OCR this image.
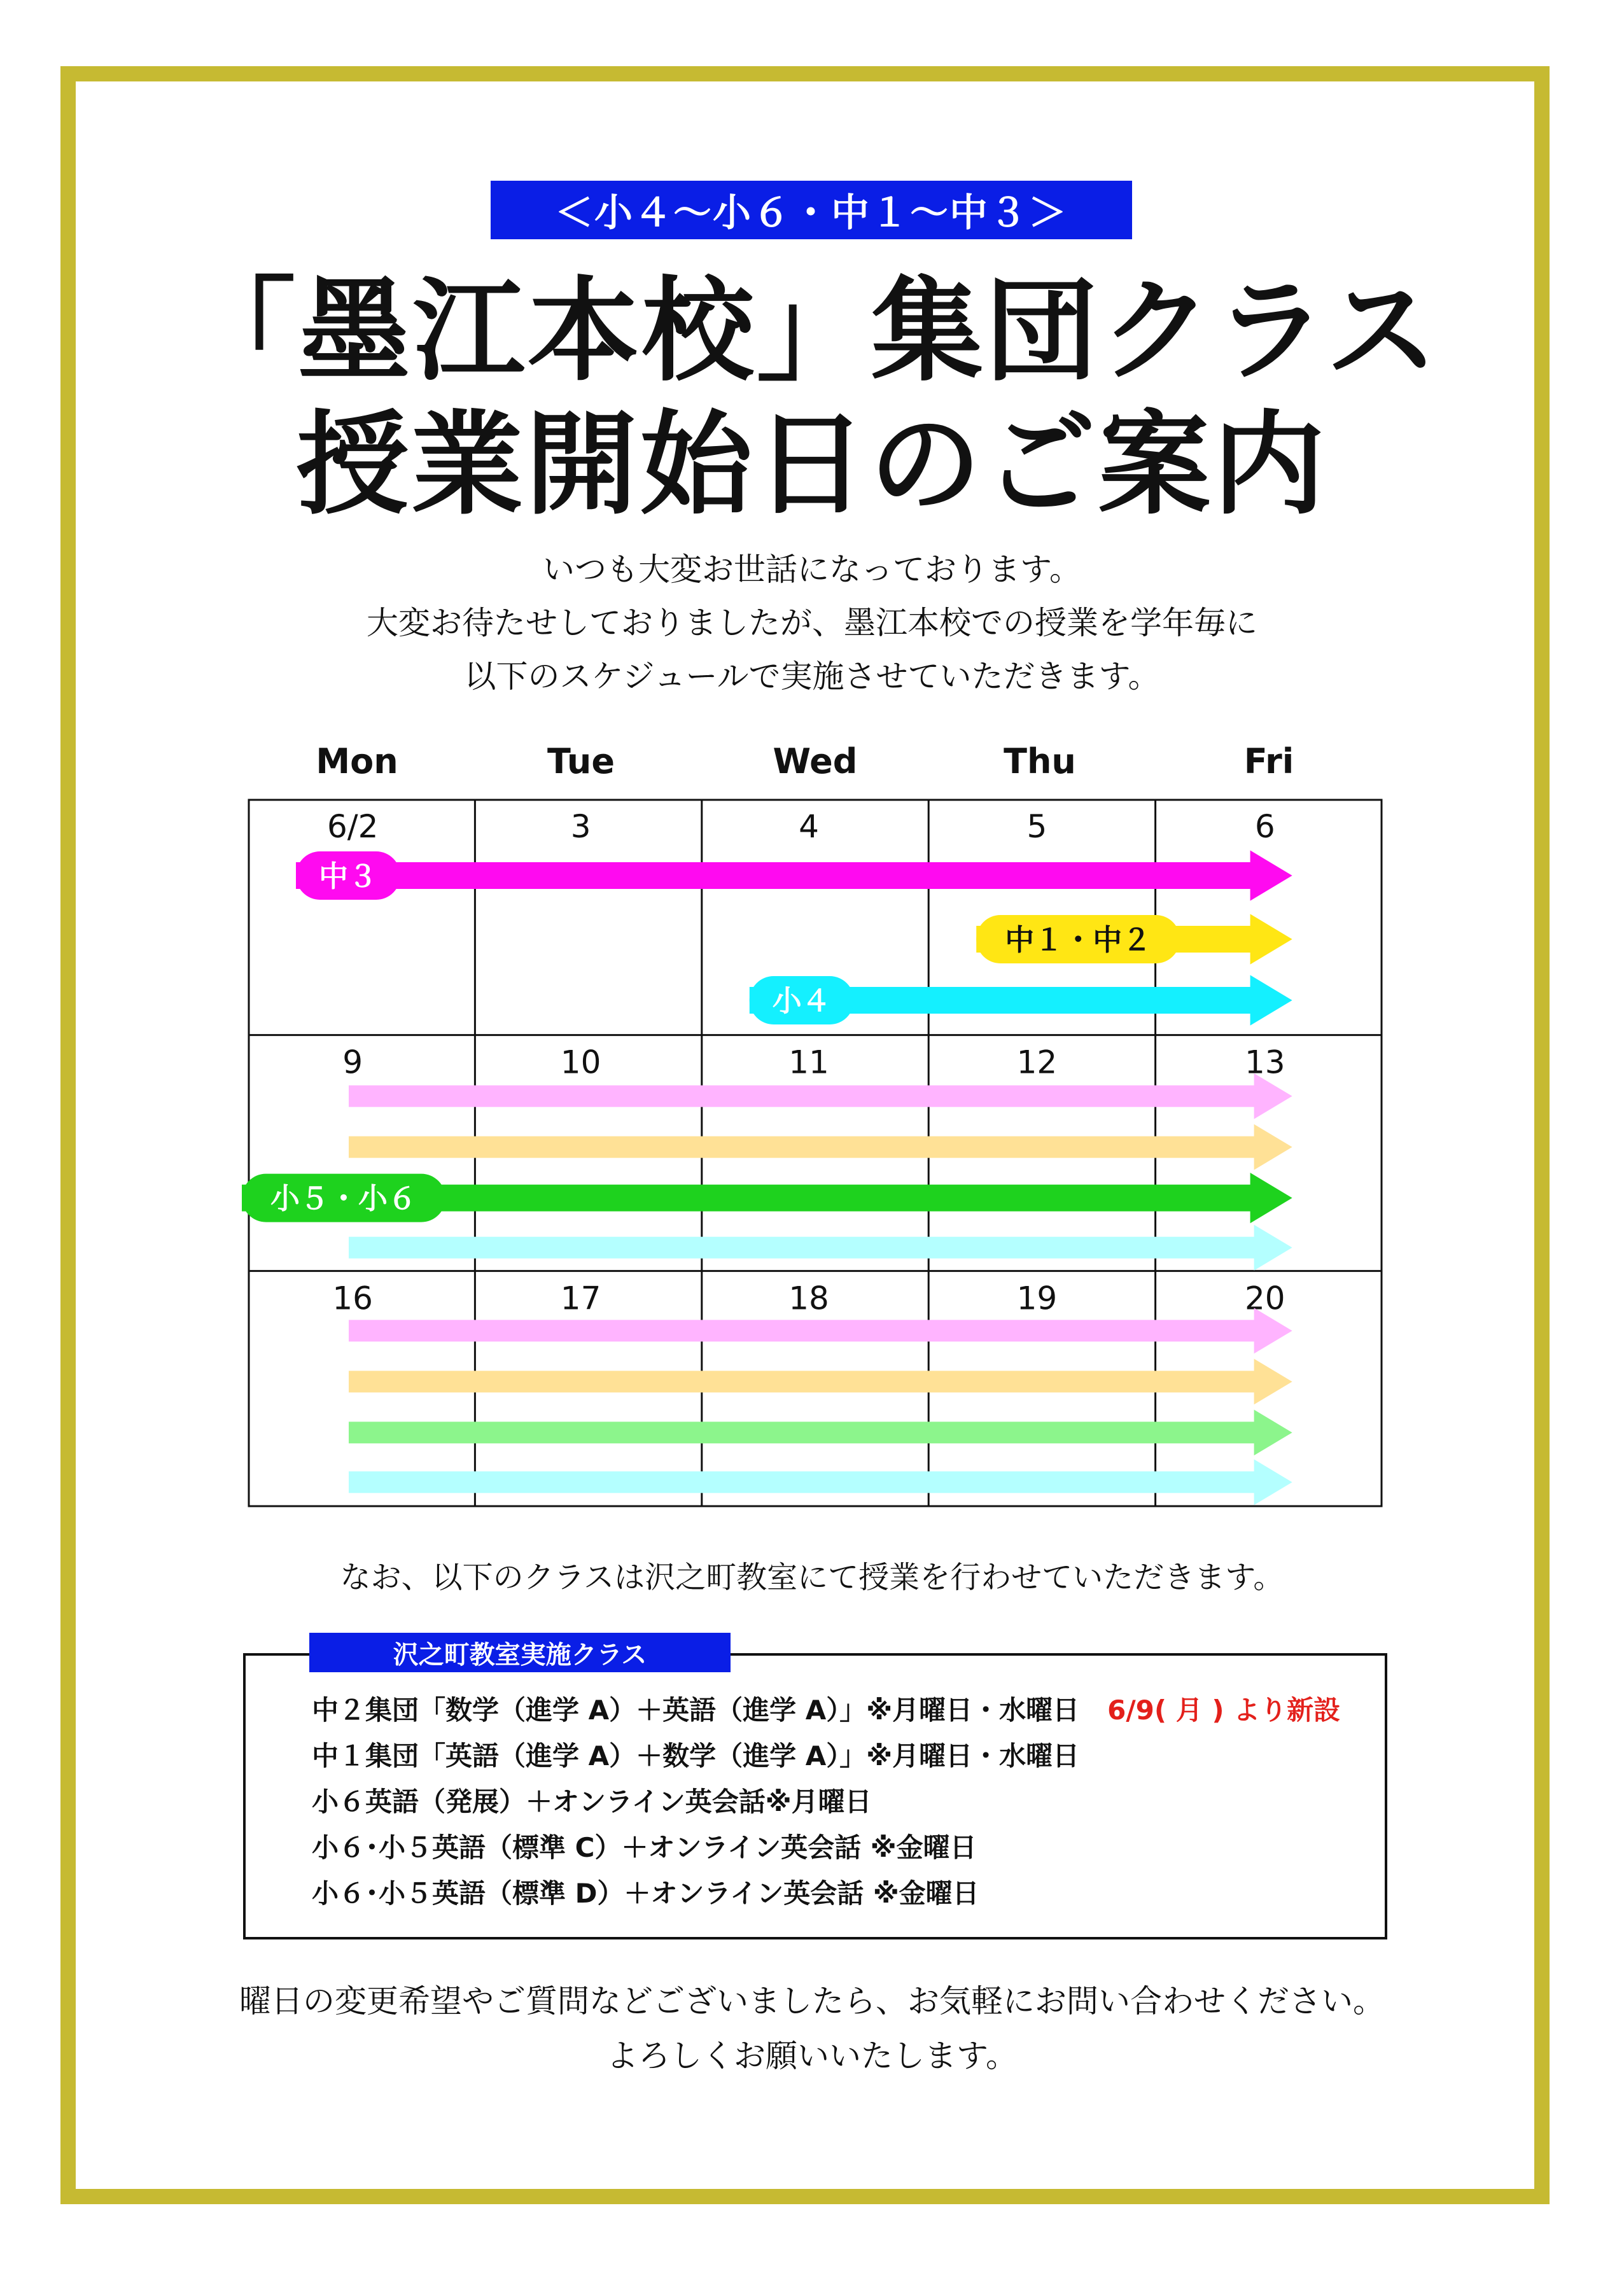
＜小４～小６・中１～中３＞
「墨江本校」集団クラス
授業開始日のご案内
いつも大変お世話になっております。
大変お待たせしておりましたが、墨江本校での授業を学年毎に
以下のスケジュールで実施させていただきます。
Mon	Tue	Wed	Thu	Fri
6/2	3	4	5	6
9	10	11	12	13
16	17	18	19	20
中３
中１・中２
小４
小５・小６
なお、以下のクラスは沢之町教室にて授業を行わせていただきます。
沢之町教室実施クラス
中２集団「数学（進学 A）＋英語（進学 A）」※月曜日・水曜日 6/9( 月 ) より新設
中１集団「英語（進学 A）＋数学（進学 A）」※月曜日・水曜日
小６英語（発展）＋オンライン英会話※月曜日
小６･小５英語（標準 C）＋オンライン英会話 ※金曜日
小６･小５英語（標準 D）＋オンライン英会話 ※金曜日
曜日の変更希望やご質問などございましたら、お気軽にお問い合わせください。
よろしくお願いいたします。
